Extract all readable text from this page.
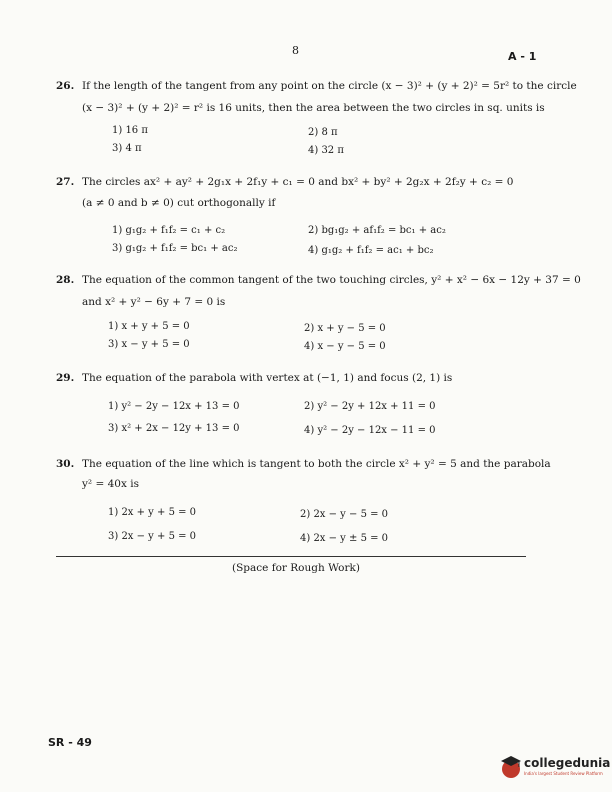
8	A - 1
26. If the length of the tangent from any point on the circle (x − 3)² + (y + 2)² = 5r² to the circle
(x − 3)² + (y + 2)² = r² is 16 units, then the area between the two circles in sq. units is
1) 16 π	2) 8 π
3) 4 π	4) 32 π
27. The circles ax² + ay² + 2g₁x + 2f₁y + c₁ = 0 and bx² + by² + 2g₂x + 2f₂y + c₂ = 0
(a ≠ 0 and b ≠ 0) cut orthogonally if
1) g₁g₂ + f₁f₂ = c₁ + c₂	2) bg₁g₂ + af₁f₂ = bc₁ + ac₂
3) g₁g₂ + f₁f₂ = bc₁ + ac₂	4) g₁g₂ + f₁f₂ = ac₁ + bc₂
28. The equation of the common tangent of the two touching circles, y² + x² − 6x − 12y + 37 = 0
and x² + y² − 6y + 7 = 0 is
1) x + y + 5 = 0	2) x + y − 5 = 0
3) x − y + 5 = 0	4) x − y − 5 = 0
29. The equation of the parabola with vertex at (−1, 1) and focus (2, 1) is
1) y² − 2y − 12x + 13 = 0	2) y² − 2y + 12x + 11 = 0
3) x² + 2x − 12y + 13 = 0	4) y² − 2y − 12x − 11 = 0
30. The equation of the line which is tangent to both the circle x² + y² = 5 and the parabola
y² = 40x is
1) 2x + y + 5 = 0	2) 2x − y − 5 = 0
3) 2x − y + 5 = 0	4) 2x − y ± 5 = 0
(Space for Rough Work)
SR - 49
collegedunia
India's largest Student Review Platform
